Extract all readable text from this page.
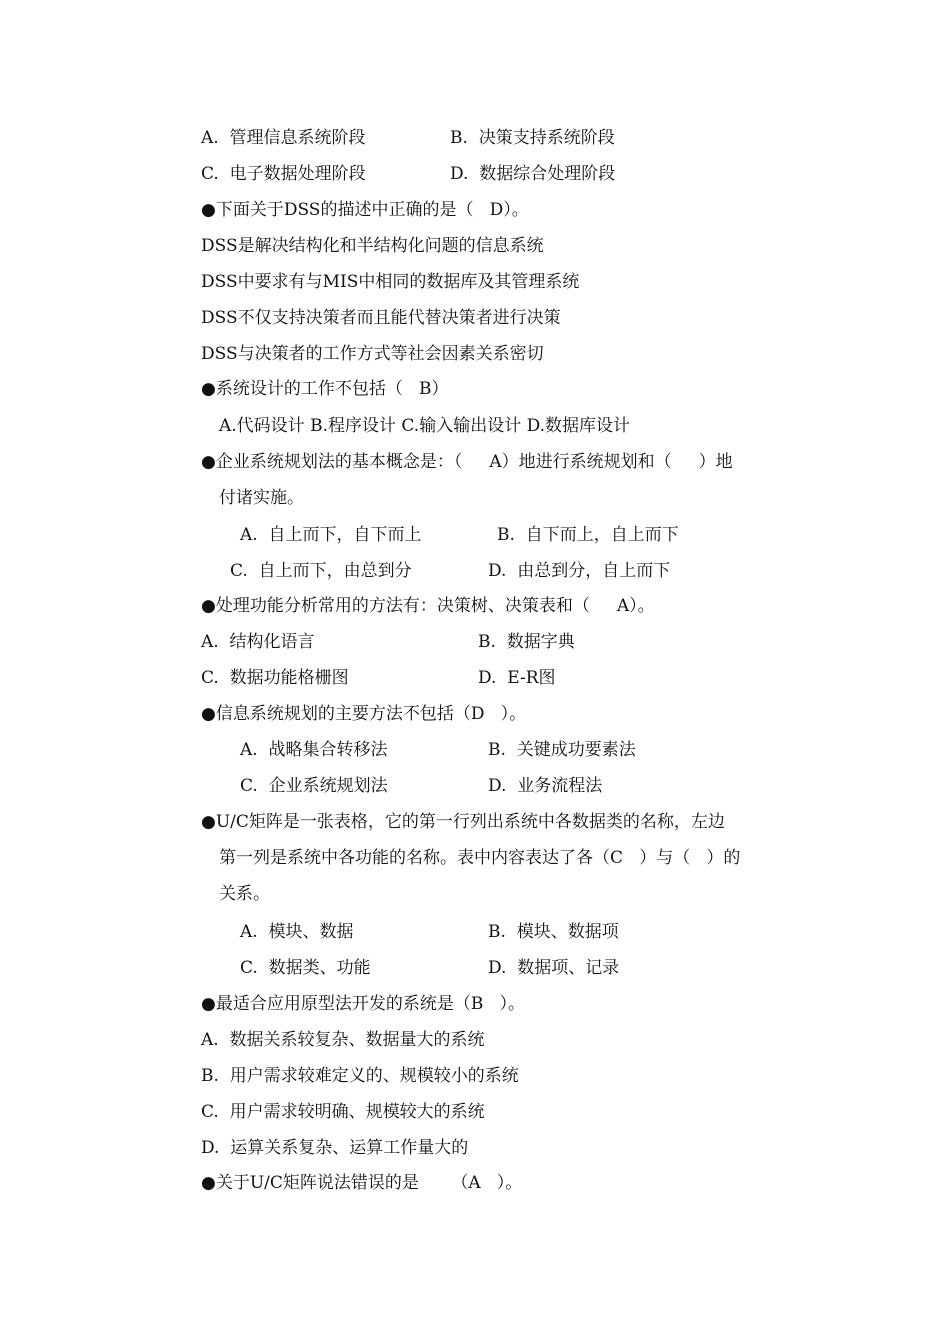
A.  管理信息系统阶段	B.  决策支持系统阶段
C.  电子数据处理阶段	D.  数据综合处理阶段
●下面关于DSS的描述中正确的是（   D）。
DSS是解决结构化和半结构化问题的信息系统
DSS中要求有与MIS中相同的数据库及其管理系统
DSS不仅支持决策者而且能代替决策者进行决策
DSS与决策者的工作方式等社会因素关系密切
●系统设计的工作不包括（   B）
A.代码设计 B.程序设计 C.输入输出设计 D.数据库设计
●企业系统规划法的基本概念是：（     A）地进行系统规划和（     ）地
付诸实施。
A.  自上而下，自下而上	B.  自下而上，自上而下
C.  自上而下，由总到分	D.  由总到分，自上而下
●处理功能分析常用的方法有：决策树、决策表和（     A）。
A.  结构化语言	B.  数据字典
C.  数据功能格栅图	D.  E-R图
●信息系统规划的主要方法不包括（D   ）。
A.  战略集合转移法	B.  关键成功要素法
C.  企业系统规划法	D.  业务流程法
●U/C矩阵是一张表格，它的第一行列出系统中各数据类的名称，左边
第一列是系统中各功能的名称。表中内容表达了各（C   ）与（   ）的
关系。
A.  模块、数据	B.  模块、数据项
C.  数据类、功能	D.  数据项、记录
●最适合应用原型法开发的系统是（B   ）。
A.  数据关系较复杂、数据量大的系统
B.  用户需求较难定义的、规模较小的系统
C.  用户需求较明确、规模较大的系统
D.  运算关系复杂、运算工作量大的
●关于U/C矩阵说法错误的是      （A   ）。
